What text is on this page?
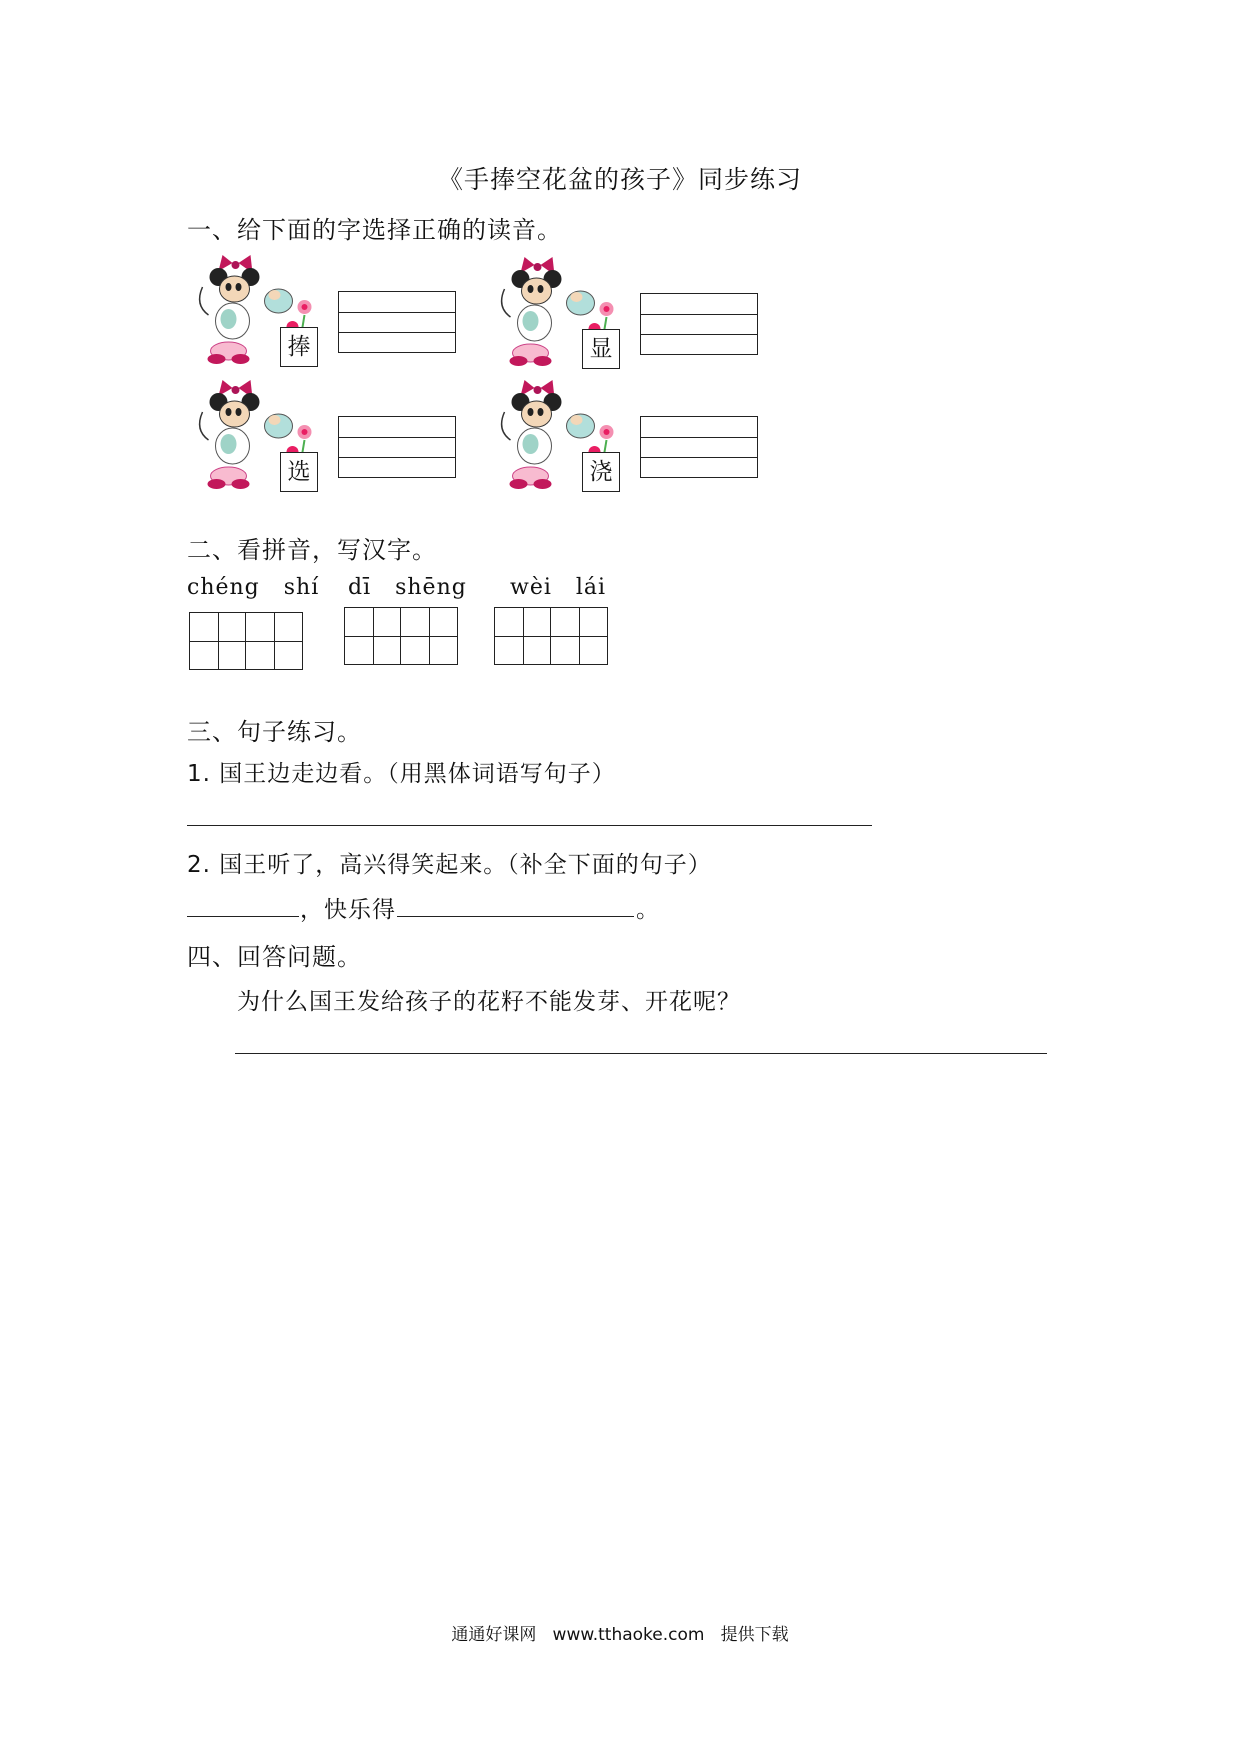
《手捧空花盆的孩子》同步练习
一、给下面的字选择正确的读音。
捧	显
选	浇
二、看拼音，写汉字。
chéng   shí dī   shēng wèi   lái
三、句子练习。
1. 国王边走边看。（用黑体词语写句子）
2. 国王听了，高兴得笑起来。（补全下面的句子）
，快乐得	。
四、回答问题。
为什么国王发给孩子的花籽不能发芽、开花呢？
通通好课网   www.tthaoke.com   提供下载
